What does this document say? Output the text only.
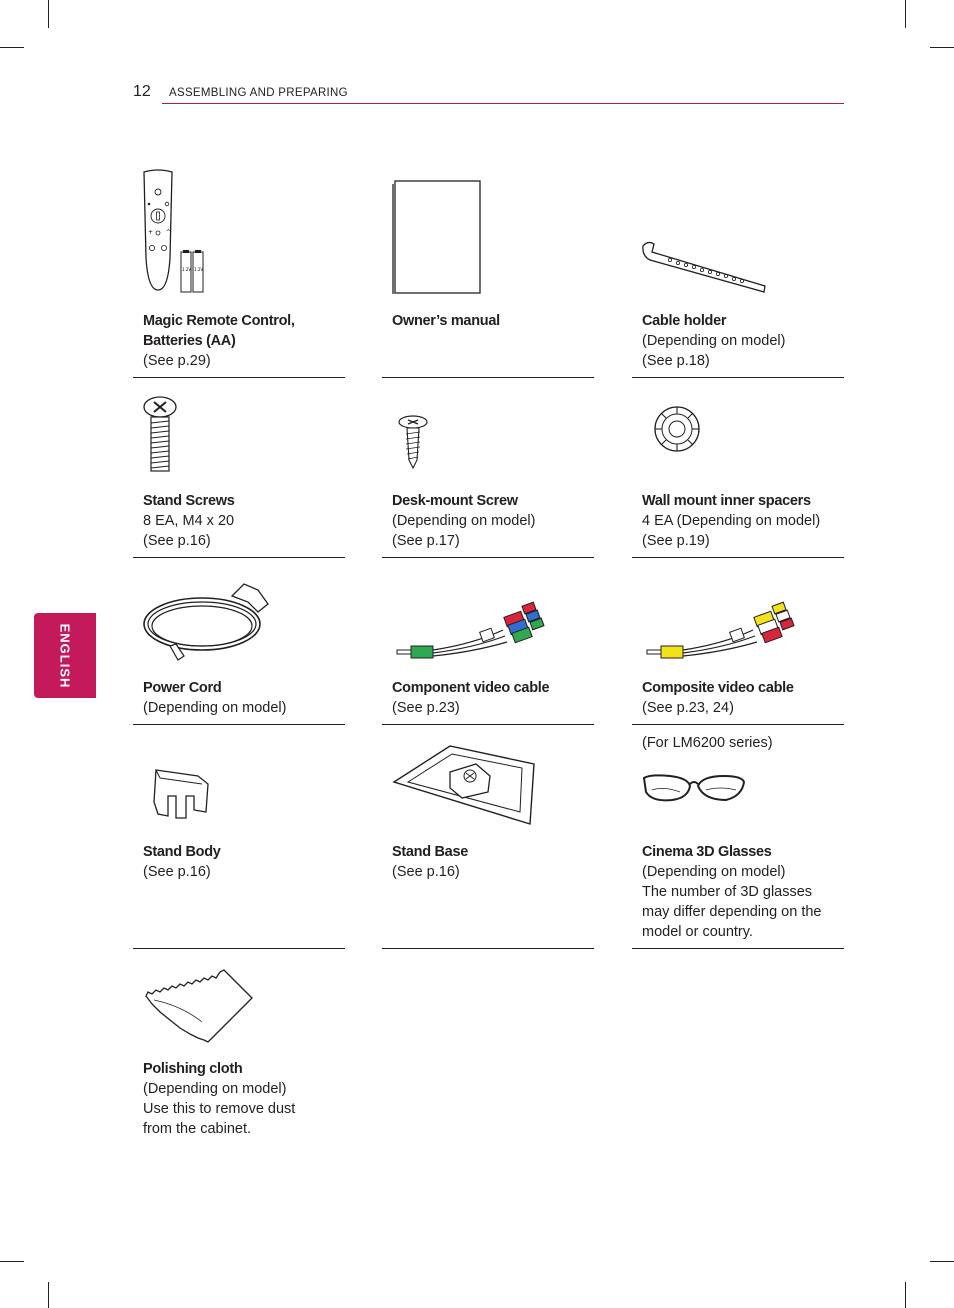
12 ASSEMBLING AND PREPARING
ENGLISH
+ ^
1.2V 1.2V
Magic Remote Control,
Batteries (AA)
(See p.29)
Owner’s manual	Cable holder
(Depending on model)
(See p.18)
Stand Screws
8 EA, M4 x 20
(See p.16)
Desk-mount Screw
(Depending on model)
(See p.17)
Wall mount inner spacers
4 EA (Depending on model)
(See p.19)
Power Cord
(Depending on model)
Component video cable
(See p.23)
Composite video cable
(See p.23, 24)
Stand Body
(See p.16)
Stand Base
(See p.16)
(For LM6200 series)
Cinema 3D Glasses
(Depending on model)
The number of 3D glasses
may differ depending on the
model or country.
Polishing cloth
(Depending on model)
Use this to remove dust
from the cabinet.
